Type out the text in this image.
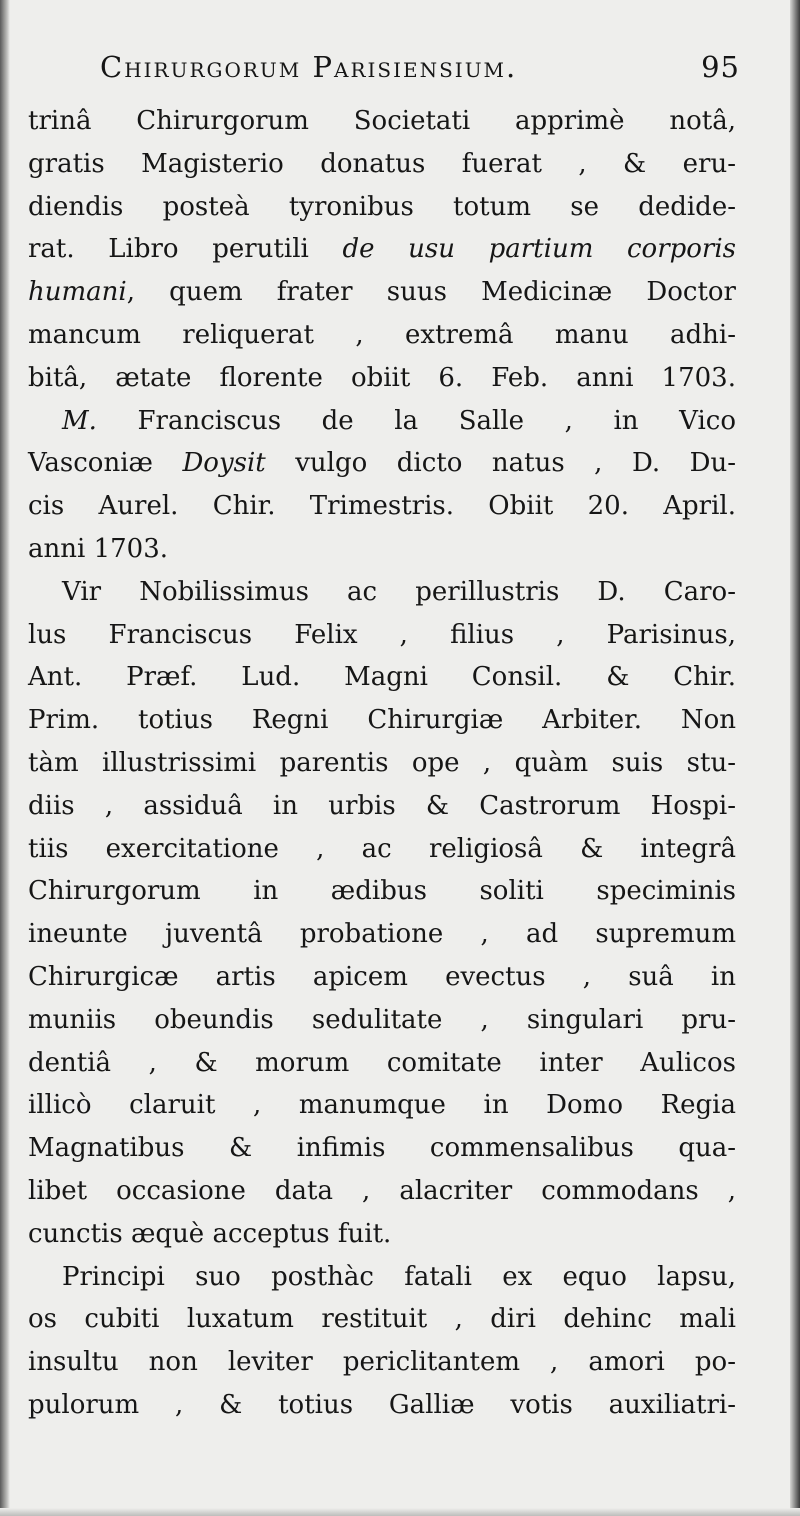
Chirurgorum Parisiensium.	95
trinâ Chirurgorum Societati apprimè notâ,
gratis Magisterio donatus fuerat , & eru-
diendis posteà tyronibus totum se dedide-
rat. Libro perutili de usu partium corporis
humani, quem frater suus Medicinæ Doctor
mancum reliquerat , extremâ manu adhi-
bitâ, ætate florente obiit 6. Feb. anni 1703.
M. Franciscus de la Salle , in Vico
Vasconiæ Doysit vulgo dicto natus , D. Du-
cis Aurel. Chir. Trimestris. Obiit 20. April.
anni 1703.
Vir Nobilissimus ac perillustris D. Caro-
lus Franciscus Felix , filius , Parisinus,
Ant. Præf. Lud. Magni Consil. & Chir.
Prim. totius Regni Chirurgiæ Arbiter. Non
tàm illustrissimi parentis ope , quàm suis stu-
diis , assiduâ in urbis & Castrorum Hospi-
tiis exercitatione , ac religiosâ & integrâ
Chirurgorum in ædibus soliti speciminis
ineunte juventâ probatione , ad supremum
Chirurgicæ artis apicem evectus , suâ in
muniis obeundis sedulitate , singulari pru-
dentiâ , & morum comitate inter Aulicos
illicò claruit , manumque in Domo Regia
Magnatibus & infimis commensalibus qua-
libet occasione data , alacriter commodans ,
cunctis æquè acceptus fuit.
Principi suo posthàc fatali ex equo lapsu,
os cubiti luxatum restituit , diri dehinc mali
insultu non leviter periclitantem , amori po-
pulorum , & totius Galliæ votis auxiliatri-
